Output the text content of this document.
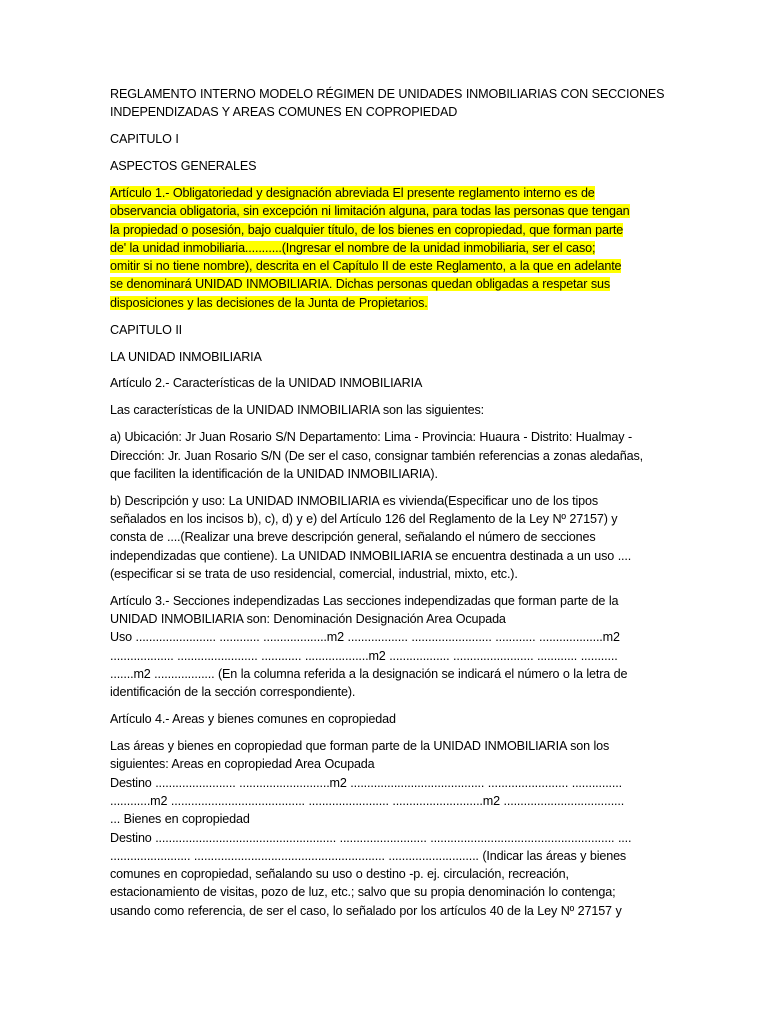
REGLAMENTO INTERNO MODELO RÉGIMEN DE UNIDADES INMOBILIARIAS CON SECCIONES
INDEPENDIZADAS Y AREAS COMUNES EN COPROPIEDAD
CAPITULO I
ASPECTOS GENERALES
Artículo 1.- Obligatoriedad y designación abreviada El presente reglamento interno es de
observancia obligatoria, sin excepción ni limitación alguna, para todas las personas que tengan
la propiedad o posesión, bajo cualquier título, de los bienes en copropiedad, que forman parte
de' la unidad inmobiliaria...........(Ingresar el nombre de la unidad inmobiliaria, ser el caso;
omitir si no tiene nombre), descrita en el Capítulo II de este Reglamento, a la que en adelante
se denominará UNIDAD INMOBILIARIA. Dichas personas quedan obligadas a respetar sus
disposiciones y las decisiones de la Junta de Propietarios.
CAPITULO II
LA UNIDAD INMOBILIARIA
Artículo 2.- Características de la UNIDAD INMOBILIARIA
Las características de la UNIDAD INMOBILIARIA son las siguientes:
a) Ubicación: Jr Juan Rosario S/N Departamento: Lima - Provincia: Huaura - Distrito: Hualmay -
Dirección: Jr. Juan Rosario S/N (De ser el caso, consignar también referencias a zonas aledañas,
que faciliten la identificación de la UNIDAD INMOBILIARIA).
b) Descripción y uso: La UNIDAD INMOBILIARIA es vivienda(Especificar uno de los tipos
señalados en los incisos b), c), d) y e) del Artículo 126 del Reglamento de la Ley Nº 27157) y
consta de ....(Realizar una breve descripción general, señalando el número de secciones
independizadas que contiene). La UNIDAD INMOBILIARIA se encuentra destinada a un uso ....
(especificar si se trata de uso residencial, comercial, industrial, mixto, etc.).
Artículo 3.- Secciones independizadas Las secciones independizadas que forman parte de la
UNIDAD INMOBILIARIA son: Denominación Designación Area Ocupada
Uso ........................ ............ ...................m2 .................. ........................ ............ ...................m2
................... ........................ ............ ...................m2 .................. ........................ ............ ...........
.......m2 .................. (En la columna referida a la designación se indicará el número o la letra de
identificación de la sección correspondiente).
Artículo 4.- Areas y bienes comunes en copropiedad
Las áreas y bienes en copropiedad que forman parte de la UNIDAD INMOBILIARIA son los
siguientes: Areas en copropiedad Area Ocupada
Destino ........................ ...........................m2 ........................................ ........................ ...............
............m2 ........................................ ........................ ...........................m2 ....................................
... Bienes en copropiedad
Destino ...................................................... .......................... ....................................................... ....
........................ ......................................................... ........................... (Indicar las áreas y bienes
comunes en copropiedad, señalando su uso o destino -p. ej. circulación, recreación,
estacionamiento de visitas, pozo de luz, etc.; salvo que su propia denominación lo contenga;
usando como referencia, de ser el caso, lo señalado por los artículos 40 de la Ley Nº 27157 y
